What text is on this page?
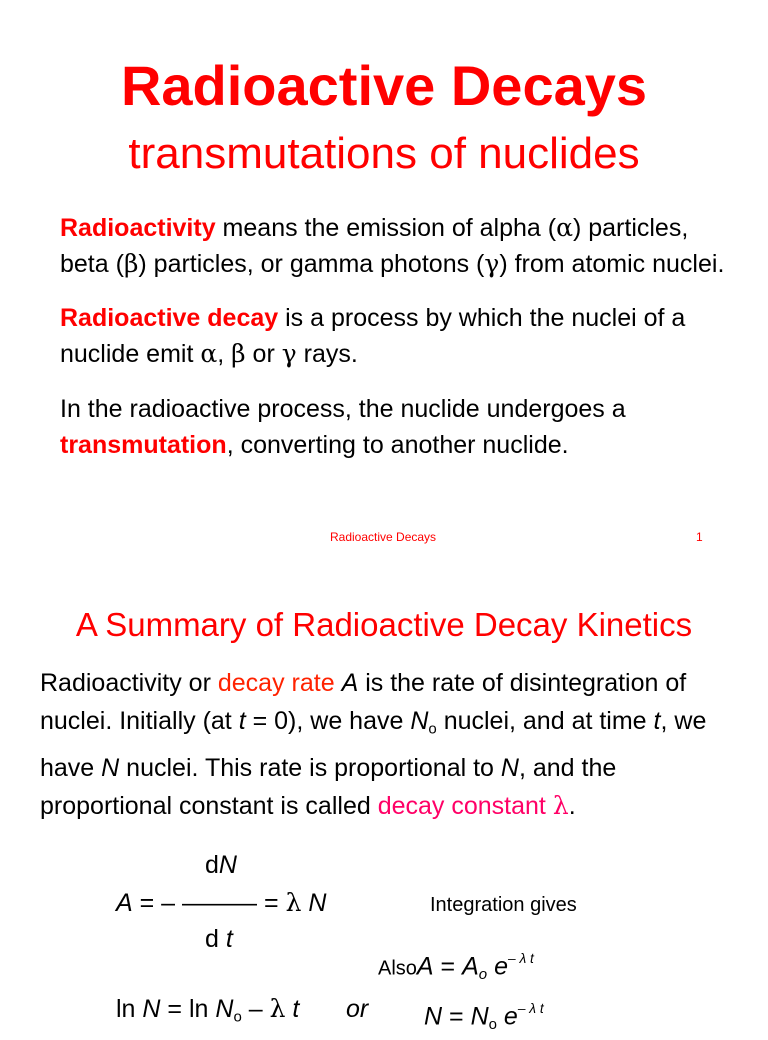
Radioactive Decays
transmutations of nuclides
Radioactivity means the emission of alpha (α) particles,
beta (β) particles, or gamma photons (γ) from atomic nuclei.
Radioactive decay is a process by which the nuclei of a
nuclide emit α, β or γ rays.
In the radioactive process, the nuclide undergoes a
transmutation, converting to another nuclide.
Radioactive Decays	1
A Summary of Radioactive Decay Kinetics
Radioactivity or decay rate A is the rate of disintegration of
nuclei. Initially (at t = 0), we have $N_o$ nuclei, and at time t, we
have N nuclei. This rate is proportional to N, and the
proportional constant is called decay constant λ.
dN
A = – ——— = λ N
d t
Integration gives
AlsoA = $A_o$ $e^{- \lambda t}$
$\ln N = \ln N_o - \lambda$ t or $N = N_o$ $e^{- \lambda t}$
